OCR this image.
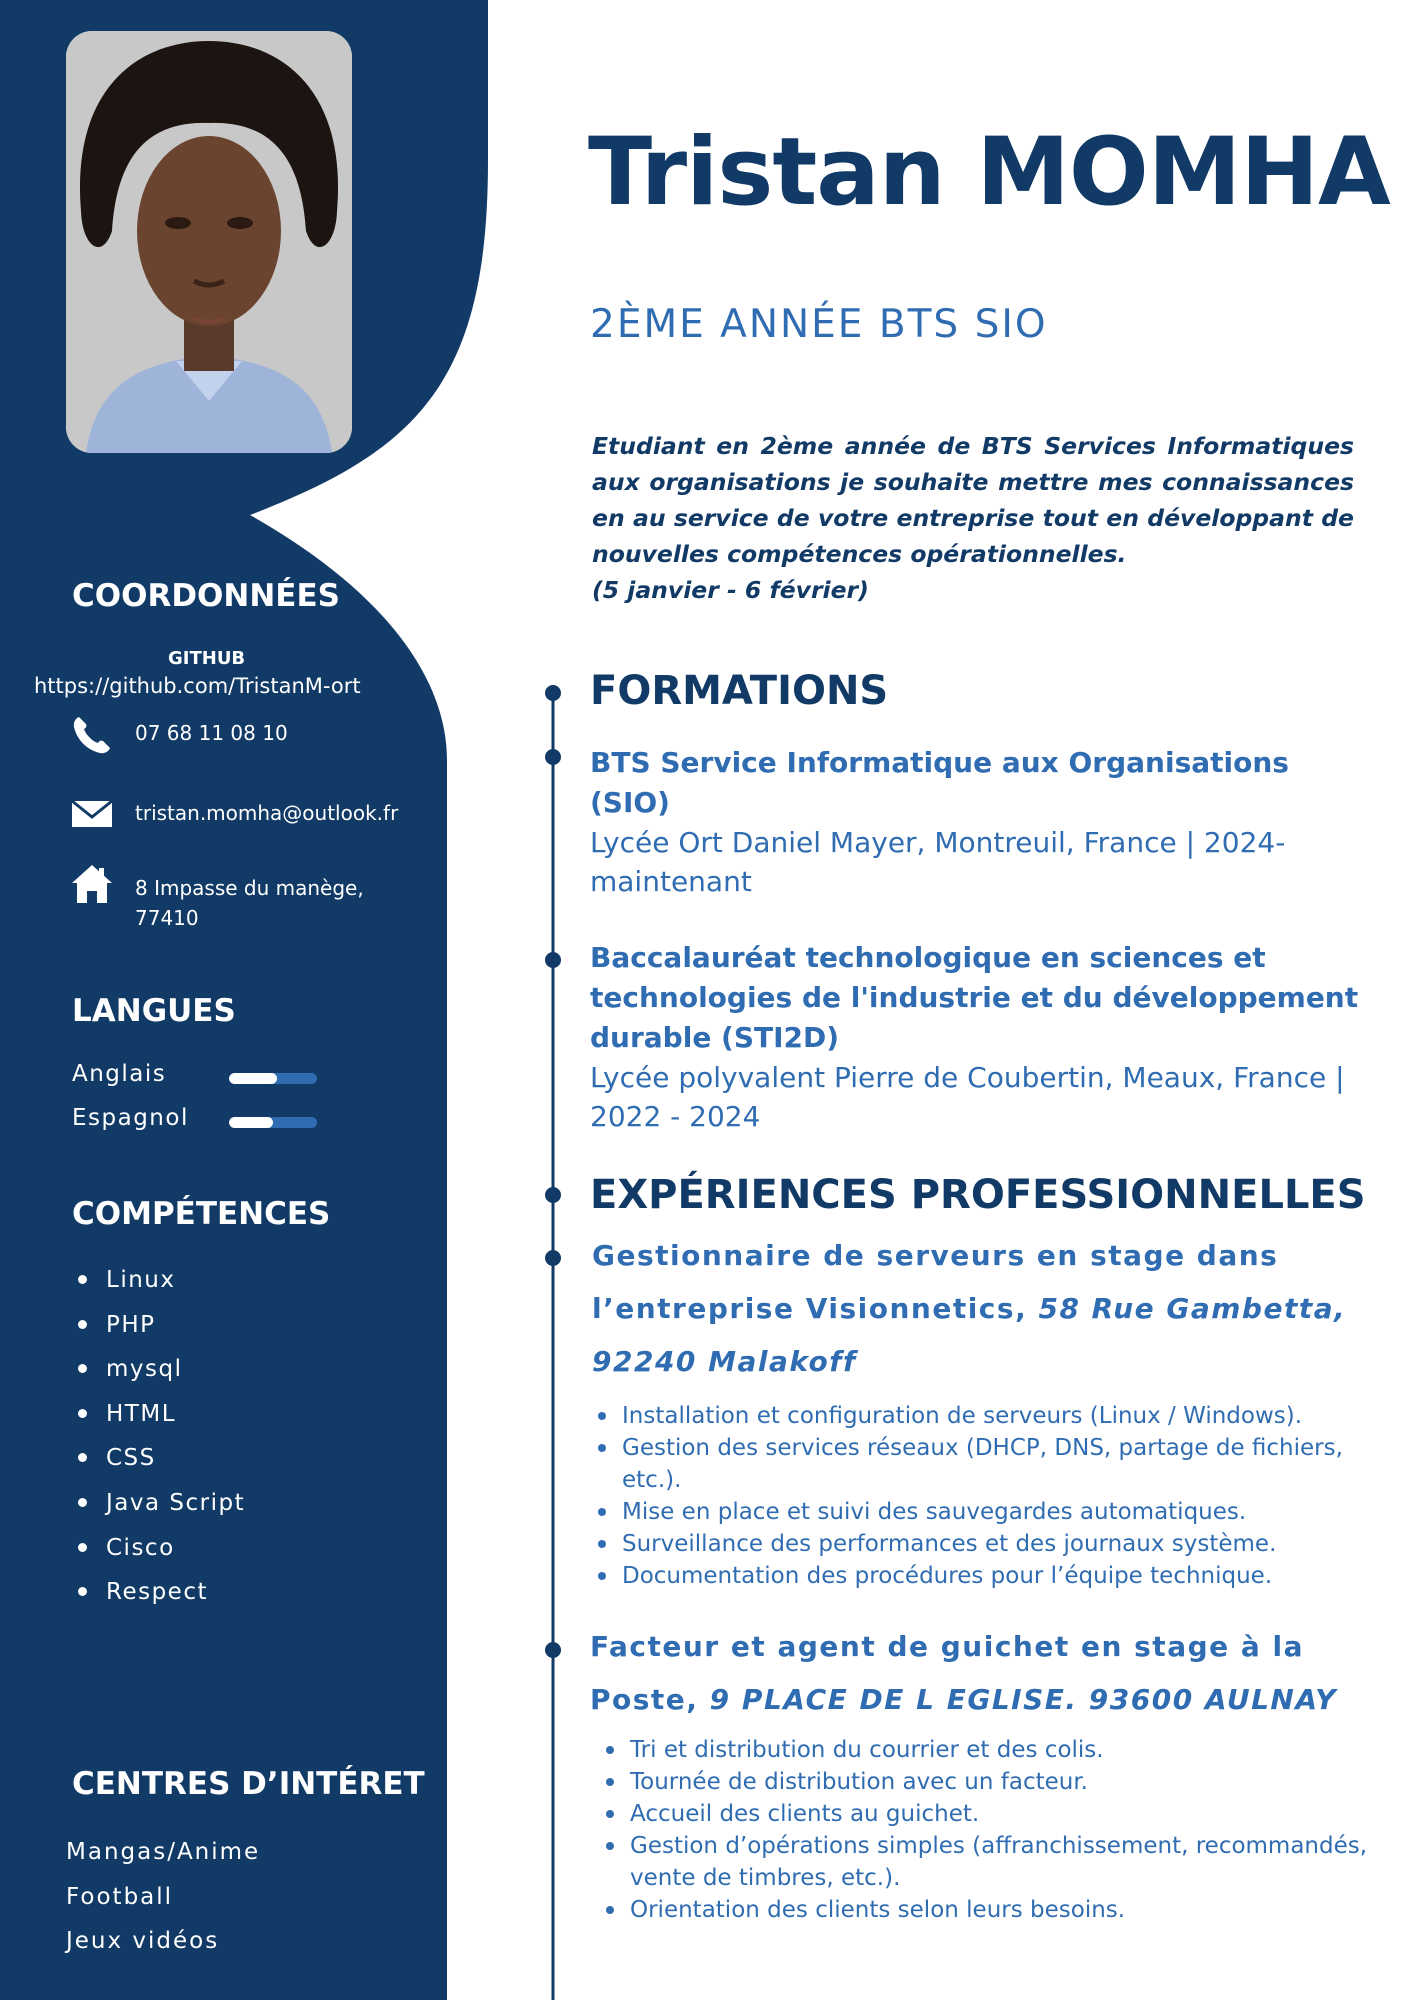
COORDONNÉES
GITHUB
https://github.com/TristanM-ort
07 68 11 08 10
tristan.momha@outlook.fr
8 Impasse du manège,
77410
LANGUES
Anglais
Espagnol
COMPÉTENCES
Linux
PHP
mysql
HTML
CSS
Java Script
Cisco
Respect
CENTRES D’INTÉRET
Mangas/Anime
Football
Jeux vidéos
Tristan MOMHA
2ÈME ANNÉE BTS SIO
Etudiant en 2ème année de BTS Services Informatiques aux organisations je souhaite mettre mes connaissances en au service de votre entreprise tout en développant de nouvelles compétences opérationnelles.
(5 janvier - 6 février)
FORMATIONS
BTS Service Informatique aux Organisations (SIO)
Lycée Ort Daniel Mayer, Montreuil, France | 2024-
maintenant
Baccalauréat technologique en sciences et
technologies de l'industrie et du développement
durable (STI2D)
Lycée polyvalent Pierre de Coubertin, Meaux, France |
2022 - 2024
EXPÉRIENCES PROFESSIONNELLES
Gestionnaire de serveurs en stage dans
l’entreprise Visionnetics, 58 Rue Gambetta,
92240 Malakoff
Installation et configuration de serveurs (Linux / Windows).
Gestion des services réseaux (DHCP, DNS, partage de fichiers, etc.).
Mise en place et suivi des sauvegardes automatiques.
Surveillance des performances et des journaux système.
Documentation des procédures pour l’équipe technique.
Facteur et agent de guichet en stage à la
Poste, 9 PLACE DE L EGLISE. 93600 AULNAY
Tri et distribution du courrier et des colis.
Tournée de distribution avec un facteur.
Accueil des clients au guichet.
Gestion d’opérations simples (affranchissement, recommandés, vente de timbres, etc.).
Orientation des clients selon leurs besoins.
